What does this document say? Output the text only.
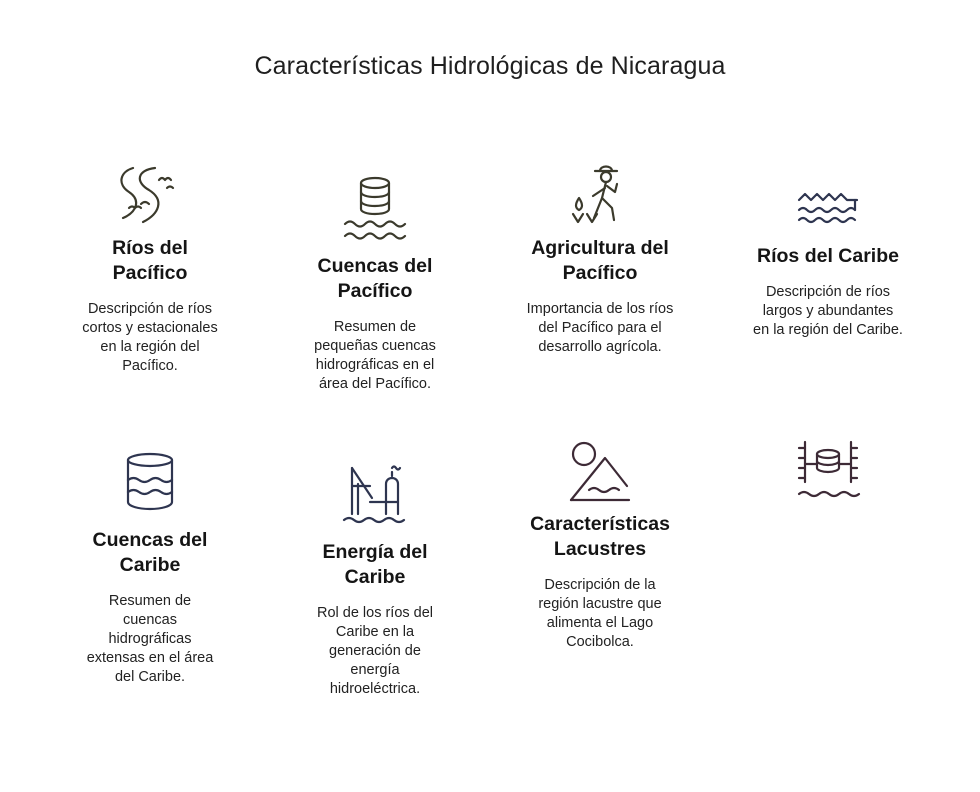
Características Hidrológicas de Nicaragua
Ríos del Pacífico

Descripción de ríos cortos y estacionales en la región del Pacífico.

Cuencas del Pacífico

Resumen de pequeñas cuencas hidrográficas en el área del Pacífico.

Agricultura del Pacífico

Importancia de los ríos del Pacífico para el desarrollo agrícola.

Ríos del Caribe

Descripción de ríos largos y abundantes en la región del Caribe.

Cuencas del Caribe

Resumen de cuencas hidrográficas extensas en el área del Caribe.

Energía del Caribe

Rol de los ríos del Caribe en la generación de energía hidroeléctrica.

Características Lacustres

Descripción de la región lacustre que alimenta el Lago Cocibolca.
